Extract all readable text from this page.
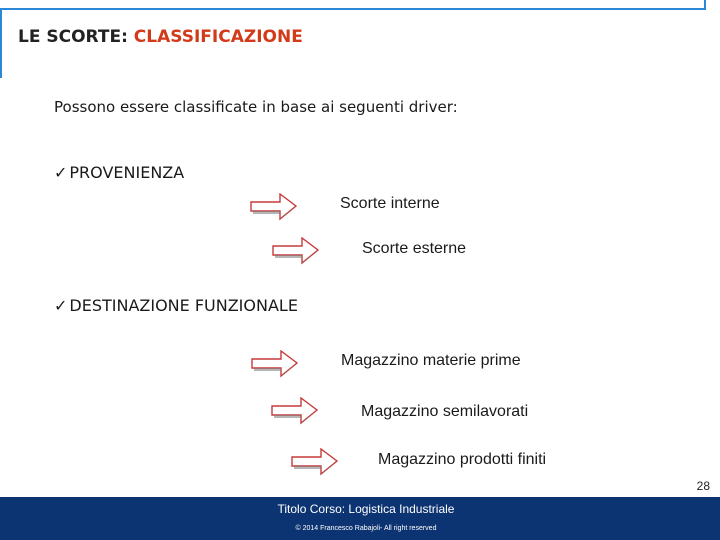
LE SCORTE: CLASSIFICAZIONE
Possono essere classificate in base ai seguenti driver:
✓ PROVENIENZA
Scorte interne
Scorte esterne
✓ DESTINAZIONE FUNZIONALE
Magazzino materie prime
Magazzino semilavorati
Magazzino prodotti finiti
28
Titolo Corso: Logistica Industriale
© 2014 Francesco Rabajoli- All right reserved
